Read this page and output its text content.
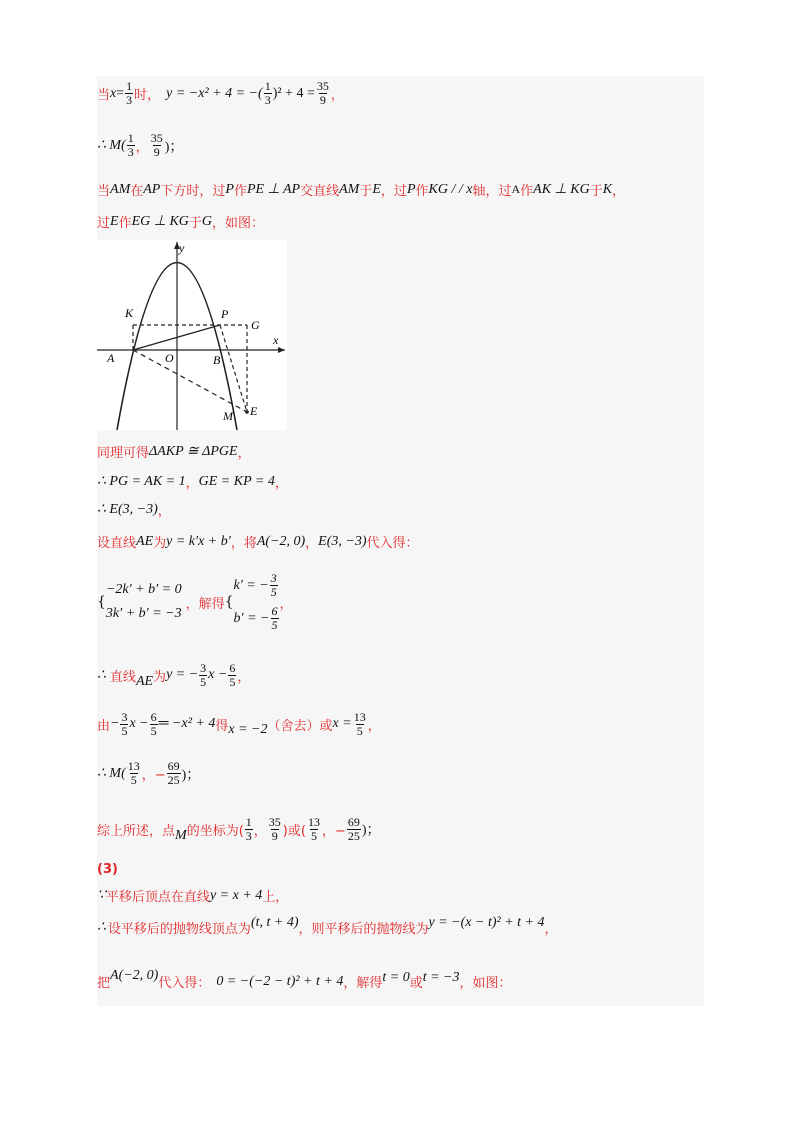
当 $x = \frac{1}{3}$ 时， y = −x² + 4 = −( $\frac{1}{3} )^2 + 4 = \frac{35}{9}$ ，
∴ $M( \frac{1}{3}$ ， $\frac{35}{9}$ )；
当 AM 在 AP 下方时，过 P 作 PE ⊥ AP 交直线 AM 于 E ，过 P 作 KG / / x 轴，过 A 作 AK ⊥ KG 于 K ，
过 E 作 EG ⊥ KG 于 G ，如图：
y
x
K	P
G
A	O	B
M E
同理可得 ΔAKP ≅ ΔPGE ，
∴ PG = AK = 1 ， GE = KP = 4 ，
∴ E(3, −3) ，
设直线 AE 为 y = k′x + b′ ，将 A(−2, 0) ， E(3, −3) 代入得：
{
−2k′ + b′ = 0
3k′ + b′ = −3
，解得 {
k′ = − $\frac{3}{5}$
b′ = − $\frac{6}{5}$
，
∴ 直线 AE 为 y = − $\frac{3}{5}$ $x - \frac{6}{5}$ ，
由 − $\frac{3}{5}$ $x - \frac{6}{5}$ ═ −x² + 4 得 x = −2 （舍去）或 $x = \frac{13}{5}$ ，
∴ $M( \frac{13}{5}$ ，− $\frac{69}{25}$ )；
综上所述，点 M 的坐标为( $\frac{1}{3}$ ， $\frac{35}{9}$ )或( $\frac{13}{5}$ ，− $\frac{69}{25}$ )；
(3)
∵ 平移后顶点在直线 y = x + 4 上，
∴ 设平移后的抛物线顶点为 (t, t + 4) ，则平移后的抛物线为 y = −(x − t)² + t + 4 ，
把
A(−2, 0)
代入得： 0 = −(−2 − t)² + t + 4 ，解得 t = 0 或 t = −3 ，如图：
